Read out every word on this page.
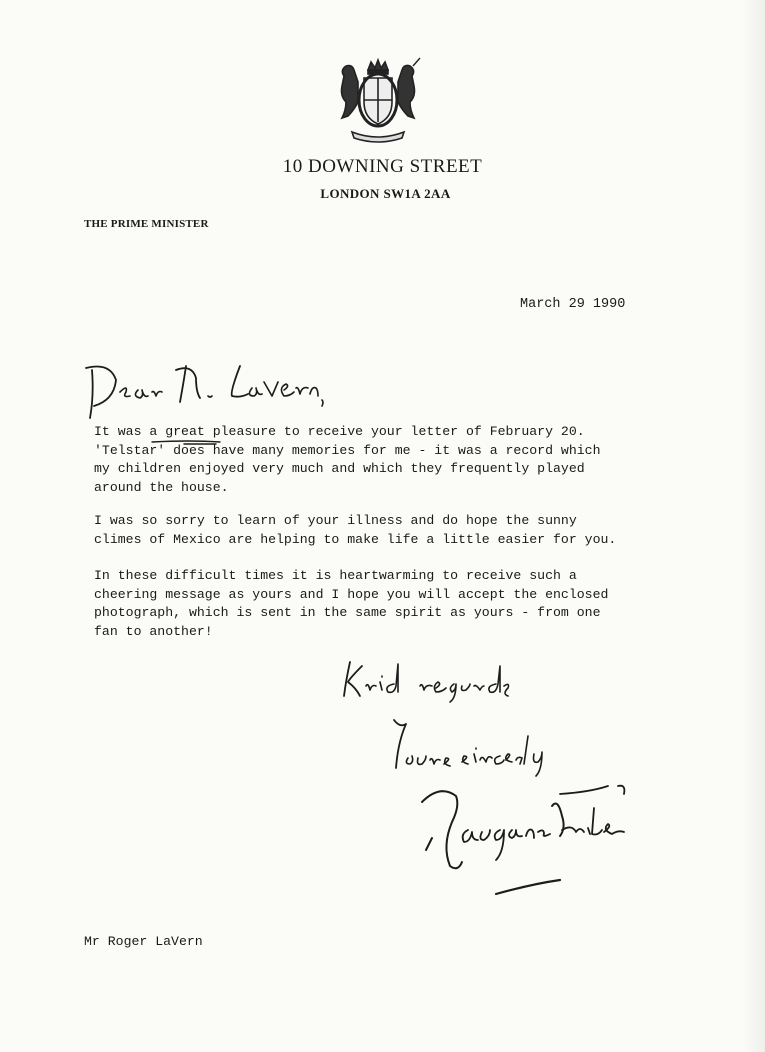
10 DOWNING STREET
LONDON SW1A 2AA
THE PRIME MINISTER
March 29 1990
It was a great pleasure to receive your letter of February 20.
'Telstar' does have many memories for me - it was a record which
my children enjoyed very much and which they frequently played
around the house.
I was so sorry to learn of your illness and do hope the sunny
climes of Mexico are helping to make life a little easier for you.
In these difficult times it is heartwarming to receive such a
cheering message as yours and I hope you will accept the enclosed
photograph, which is sent in the same spirit as yours - from one
fan to another!
Mr Roger LaVern
